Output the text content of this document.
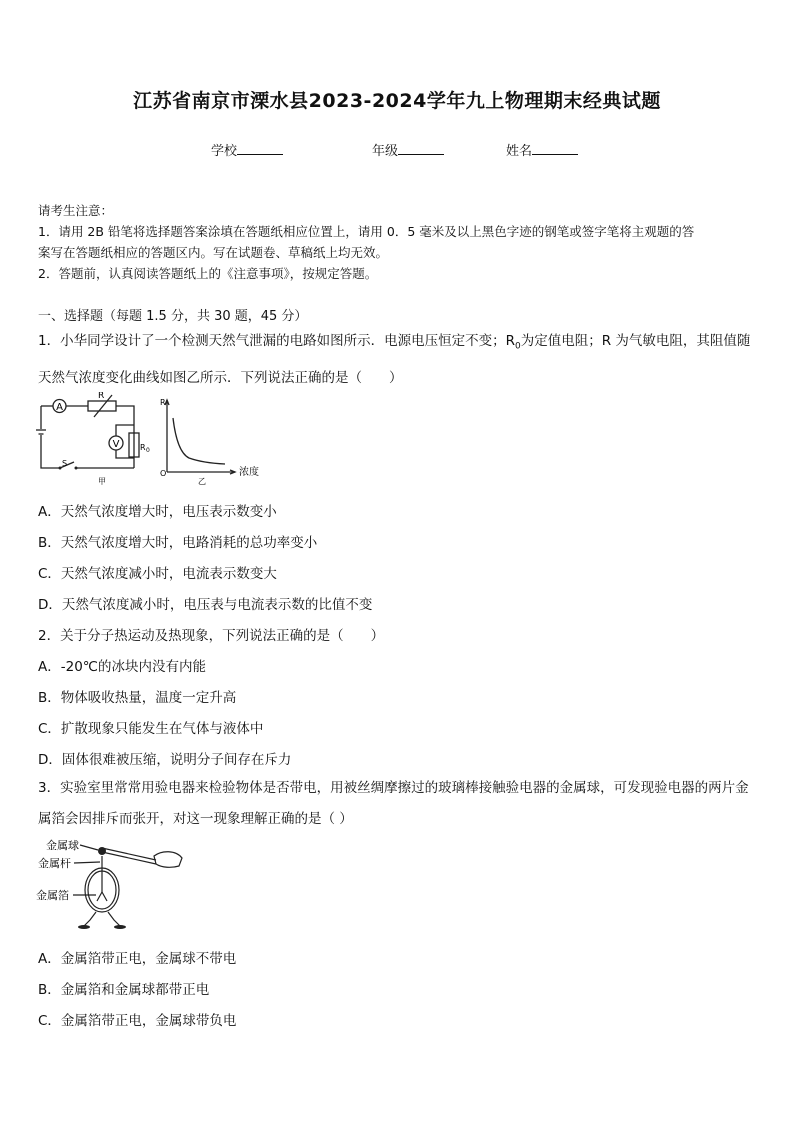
江苏省南京市溧水县2023-2024学年九上物理期末经典试题
学校	年级	姓名
请考生注意：
1．请用 2B 铅笔将选择题答案涂填在答题纸相应位置上，请用 0．5 毫米及以上黑色字迹的钢笔或签字笔将主观题的答
案写在答题纸相应的答题区内。写在试题卷、草稿纸上均无效。
2．答题前，认真阅读答题纸上的《注意事项》，按规定答题。
一、选择题（每题 1.5 分，共 30 题，45 分）
1．小华同学设计了一个检测天然气泄漏的电路如图所示．电源电压恒定不变；$R_0$为定值电阻；R 为气敏电阻，其阻值随天然气浓度变化曲线如图乙所示．下列说法正确的是（　　）
A
V
R
R 0
S
甲
R
O	浓度
乙
A．天然气浓度增大时，电压表示数变小
B．天然气浓度增大时，电路消耗的总功率变小
C．天然气浓度减小时，电流表示数变大
D．天然气浓度减小时，电压表与电流表示数的比值不变
2．关于分子热运动及热现象，下列说法正确的是（　　）
A．-20℃的冰块内没有内能
B．物体吸收热量，温度一定升高
C．扩散现象只能发生在气体与液体中
D．固体很难被压缩，说明分子间存在斥力
3．实验室里常常用验电器来检验物体是否带电，用被丝绸摩擦过的玻璃棒接触验电器的金属球，可发现验电器的两片金属箔会因排斥而张开，对这一现象理解正确的是（ ）
金属球
金属杆
金属箔
A．金属箔带正电，金属球不带电
B．金属箔和金属球都带正电
C．金属箔带正电，金属球带负电
